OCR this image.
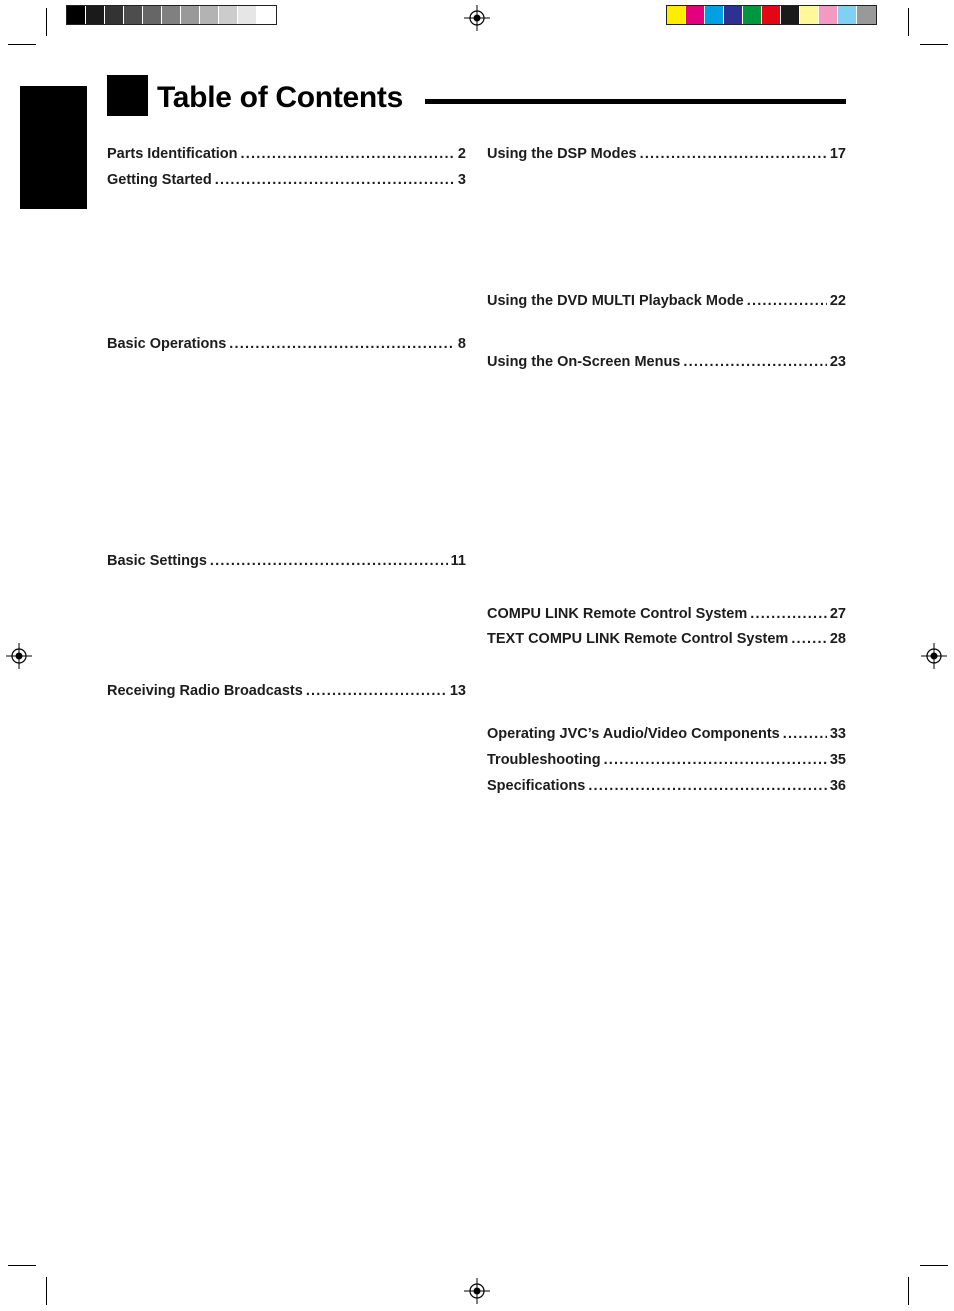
Table of Contents
Parts Identification .....	2
Getting Started .....	3
Basic Operations .....	8
Basic Settings .....	11
Receiving Radio Broadcasts .....	13
Using the DSP Modes .....	17
Using the DVD MULTI Playback Mode .....	22
Using the On-Screen Menus .....	23
COMPU LINK Remote Control System .....	27
TEXT COMPU LINK Remote Control System .....	28
Operating JVC’s Audio/Video Components .....	33
Troubleshooting .....	35
Specifications .....	36
